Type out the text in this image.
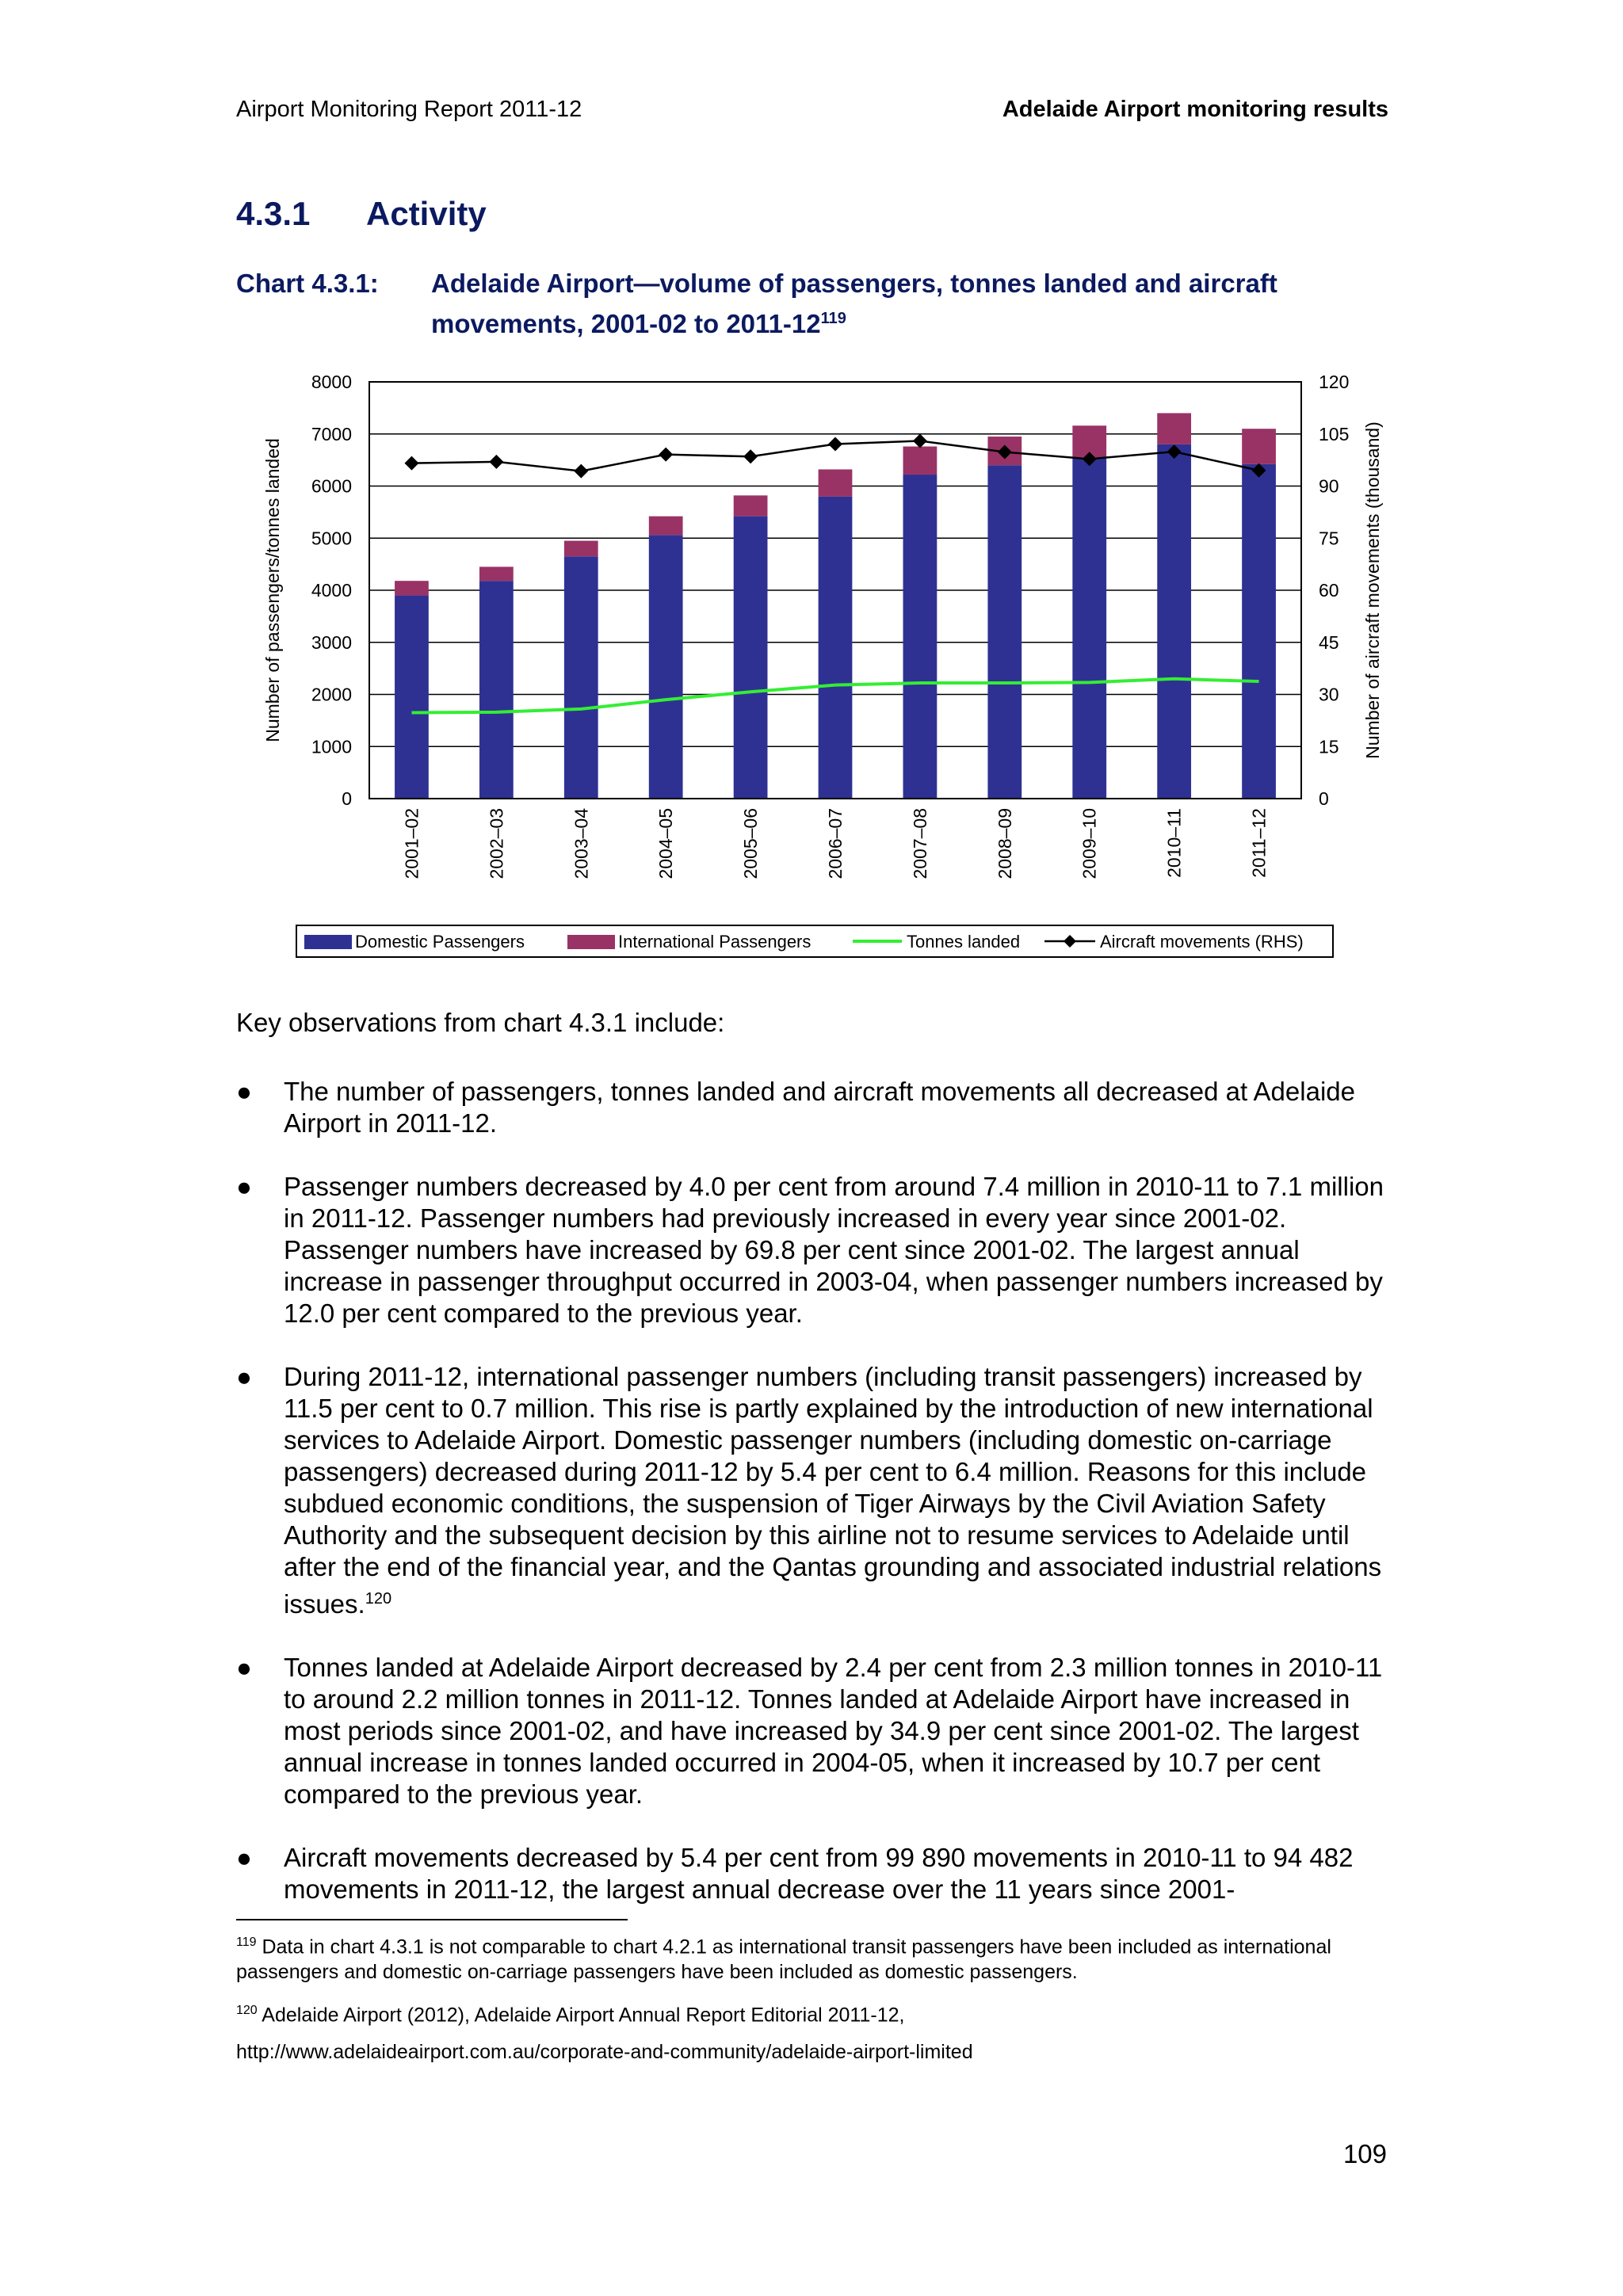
Airport Monitoring Report 2011-12	Adelaide Airport monitoring results
4.3.1 Activity
Chart 4.3.1:	Adelaide Airport—volume of passengers, tonnes landed and aircraft movements, 2001-02 to $2011-12^{119}$
0
1000
2000
3000
4000
5000
6000
7000
8000
0
15
30
45
60
75
90
105
120
Number of passengers/tonnes landed	Number of aircraft movements (thousand)
2001–02	2002–03	2003–04	2004–05	2005–06	2006–07	2007–08	2008–09	2009–10	2010–11	2011–12
Domestic Passengers	International Passengers	Tonnes landed	Aircraft movements (RHS)
Key observations from chart 4.3.1 include:
●	The number of passengers, tonnes landed and aircraft movements all decreased at Adelaide Airport in 2011-12.
●	Passenger numbers decreased by 4.0 per cent from around 7.4 million in 2010-11 to 7.1 million in 2011-12. Passenger numbers had previously increased in every year since 2001-02. Passenger numbers have increased by 69.8 per cent since 2001-02. The largest annual increase in passenger throughput occurred in 2003-04, when passenger numbers increased by 12.0 per cent compared to the previous year.
●	During 2011-12, international passenger numbers (including transit passengers) increased by 11.5 per cent to 0.7 million. This rise is partly explained by the introduction of new international services to Adelaide Airport. Domestic passenger numbers (including domestic on-carriage passengers) decreased during 2011-12 by 5.4 per cent to 6.4 million. Reasons for this include subdued economic conditions, the suspension of Tiger Airways by the Civil Aviation Safety Authority and the subsequent decision by this airline not to resume services to Adelaide until after the end of the financial year, and the Qantas grounding and associated industrial relations issues.$^{120}$
●	Tonnes landed at Adelaide Airport decreased by 2.4 per cent from 2.3 million tonnes in 2010-11 to around 2.2 million tonnes in 2011-12. Tonnes landed at Adelaide Airport have increased in most periods since 2001-02, and have increased by 34.9 per cent since 2001-02. The largest annual increase in tonnes landed occurred in 2004-05, when it increased by 10.7 per cent compared to the previous year.
●	Aircraft movements decreased by 5.4 per cent from 99 890 movements in 2010-11 to 94 482 movements in 2011-12, the largest annual decrease over the 11 years since 2001-
$^{119}$ Data in chart 4.3.1 is not comparable to chart 4.2.1 as international transit passengers have been included as international passengers and domestic on-carriage passengers have been included as domestic passengers.
$^{120}$ Adelaide Airport (2012), Adelaide Airport Annual Report Editorial 2011-12,
http://www.adelaideairport.com.au/corporate-and-community/adelaide-airport-limited
109
